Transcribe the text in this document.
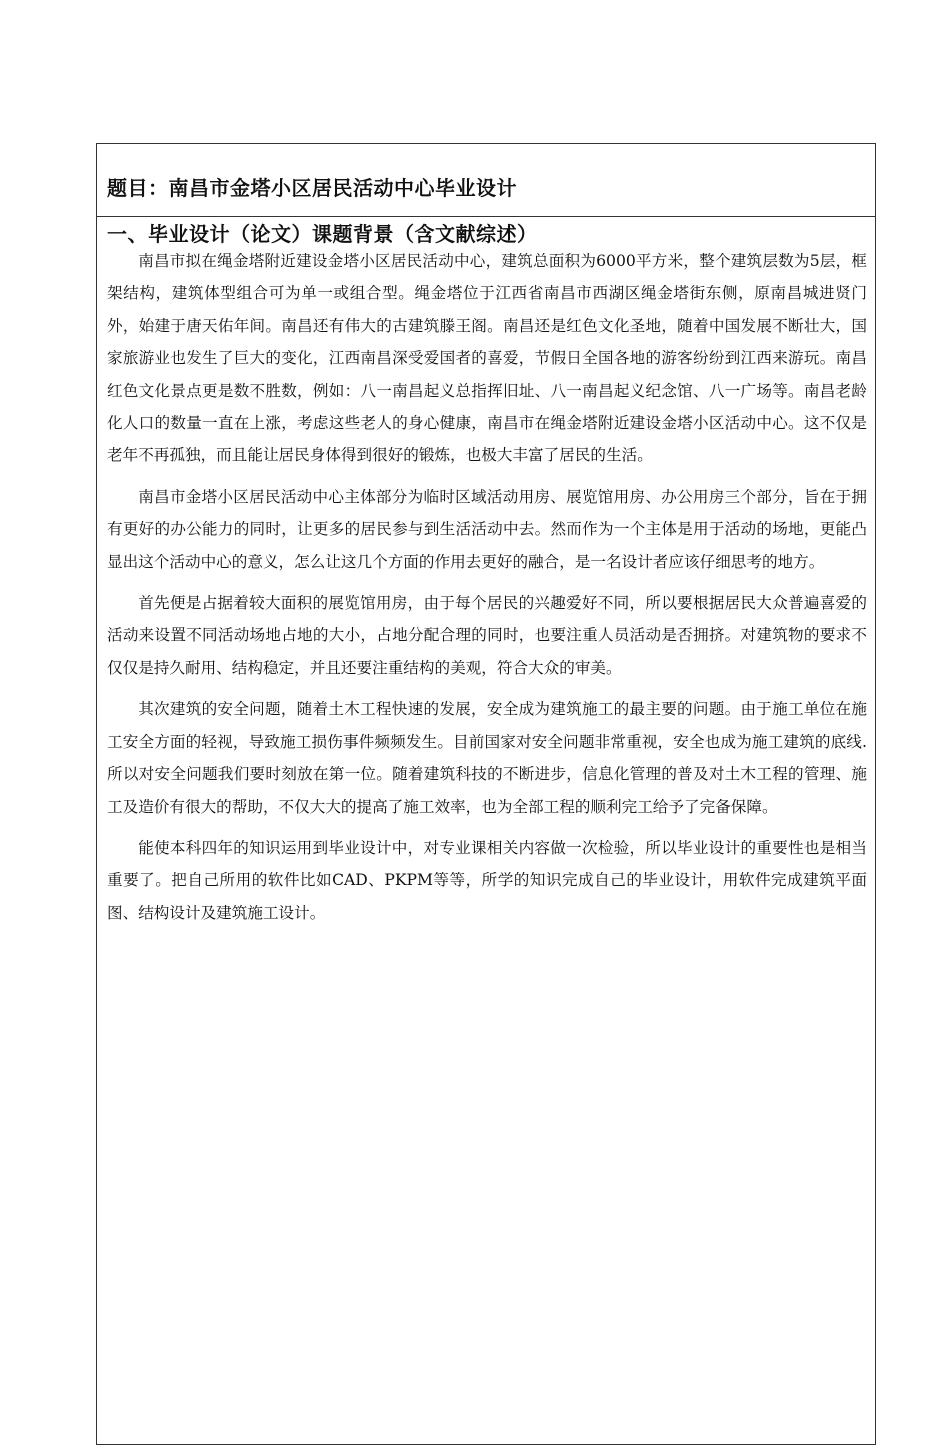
题目：南昌市金塔小区居民活动中心毕业设计
一、毕业设计（论文）课题背景（含文献综述）

南昌市拟在绳金塔附近建设金塔小区居民活动中心，建筑总面积为6000平方米，整个建筑层数为5层，框架结构，建筑体型组合可为单一或组合型。绳金塔位于江西省南昌市西湖区绳金塔街东侧，原南昌城进贤门外，始建于唐天佑年间。南昌还有伟大的古建筑滕王阁。南昌还是红色文化圣地，随着中国发展不断壮大，国家旅游业也发生了巨大的变化，江西南昌深受爱国者的喜爱，节假日全国各地的游客纷纷到江西来游玩。南昌红色文化景点更是数不胜数，例如：八一南昌起义总指挥旧址、八一南昌起义纪念馆、八一广场等。南昌老龄化人口的数量一直在上涨，考虑这些老人的身心健康，南昌市在绳金塔附近建设金塔小区活动中心。这不仅是老年不再孤独，而且能让居民身体得到很好的锻炼，也极大丰富了居民的生活。

南昌市金塔小区居民活动中心主体部分为临时区域活动用房、展览馆用房、办公用房三个部分，旨在于拥有更好的办公能力的同时，让更多的居民参与到生活活动中去。然而作为一个主体是用于活动的场地，更能凸显出这个活动中心的意义，怎么让这几个方面的作用去更好的融合，是一名设计者应该仔细思考的地方。

首先便是占据着较大面积的展览馆用房，由于每个居民的兴趣爱好不同，所以要根据居民大众普遍喜爱的活动来设置不同活动场地占地的大小，占地分配合理的同时，也要注重人员活动是否拥挤。对建筑物的要求不仅仅是持久耐用、结构稳定，并且还要注重结构的美观，符合大众的审美。

其次建筑的安全问题，随着土木工程快速的发展，安全成为建筑施工的最主要的问题。由于施工单位在施工安全方面的轻视，导致施工损伤事件频频发生。目前国家对安全问题非常重视，安全也成为施工建筑的底线.所以对安全问题我们要时刻放在第一位。随着建筑科技的不断进步，信息化管理的普及对土木工程的管理、施工及造价有很大的帮助，不仅大大的提高了施工效率，也为全部工程的顺利完工给予了完备保障。

能使本科四年的知识运用到毕业设计中，对专业课相关内容做一次检验，所以毕业设计的重要性也是相当重要了。把自己所用的软件比如CAD、PKPM等等，所学的知识完成自己的毕业设计，用软件完成建筑平面图、结构设计及建筑施工设计。
